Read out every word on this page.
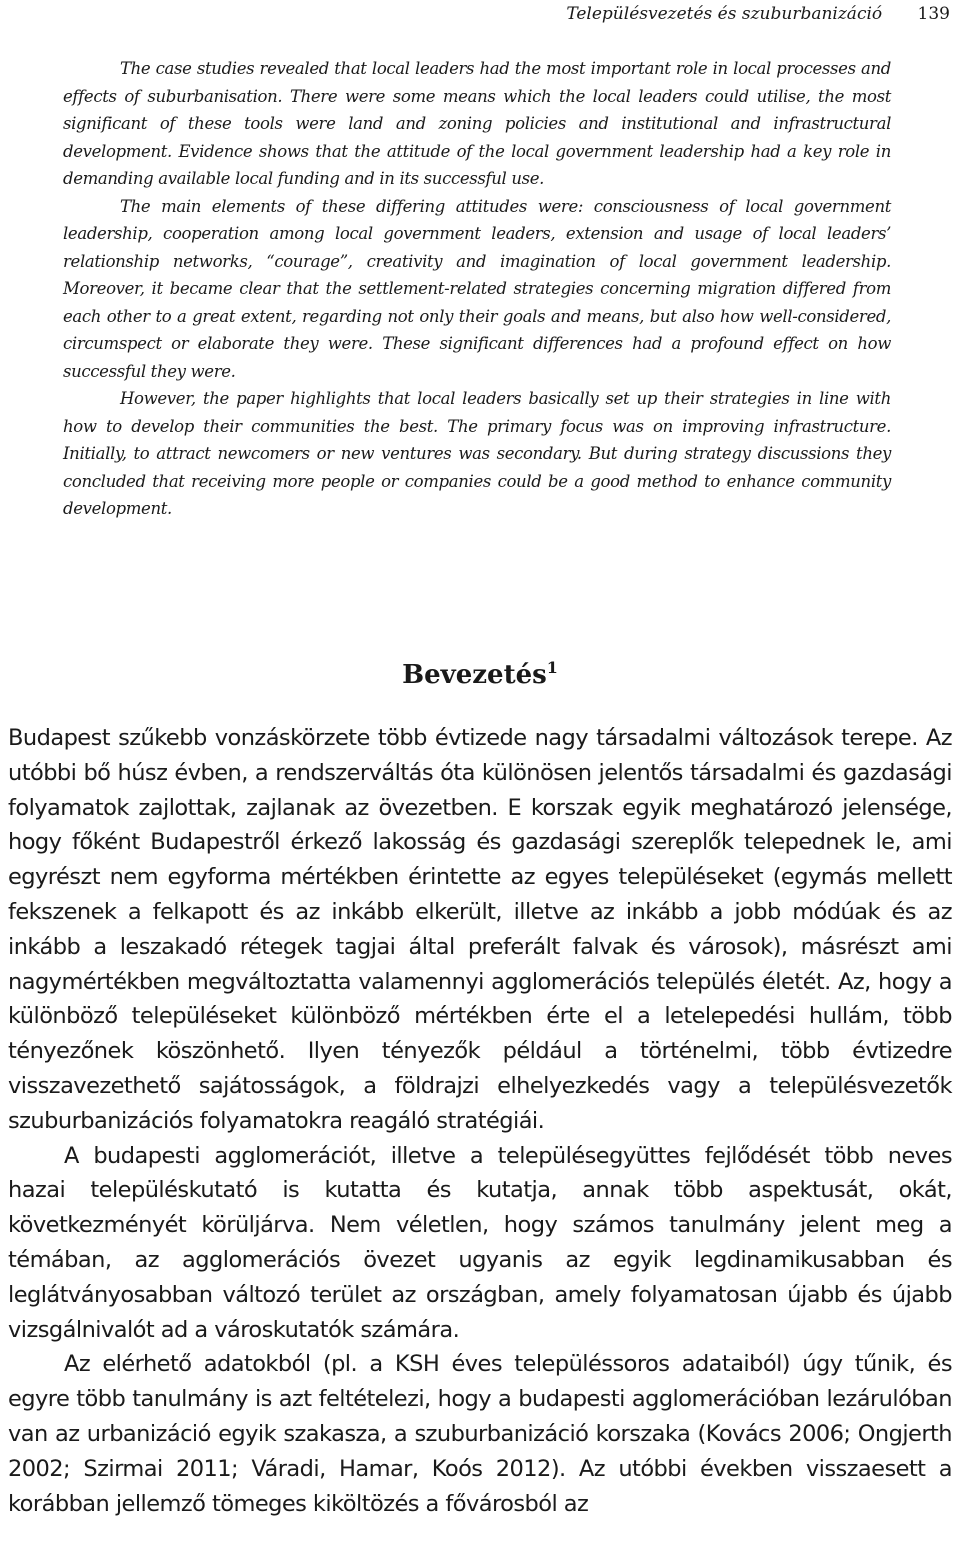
Településvezetés és szuburbanizáció 139

The case studies revealed that local leaders had the most important role in local processes and effects of suburbanisation. There were some means which the local leaders could utilise, the most significant of these tools were land and zoning policies and institutional and infrastructural development. Evidence shows that the attitude of the local government leadership had a key role in demanding available local funding and in its successful use.

The main elements of these differing attitudes were: consciousness of local government leadership, cooperation among local government leaders, extension and usage of local leaders’ relationship networks, “courage”, creativity and imagination of local government leadership. Moreover, it became clear that the settlement-related strategies concerning migration differed from each other to a great extent, regarding not only their goals and means, but also how well-considered, circumspect or elaborate they were. These significant differences had a profound effect on how successful they were.

However, the paper highlights that local leaders basically set up their strategies in line with how to develop their communities the best. The primary focus was on improving infrastructure. Initially, to attract newcomers or new ventures was secondary. But during strategy discussions they concluded that receiving more people or companies could be a good method to enhance community development.

Bevezetés$^1$

Budapest szűkebb vonzáskörzete több évtizede nagy társadalmi változások terepe. Az utóbbi bő húsz évben, a rendszerváltás óta különösen jelentős társadalmi és gazdasági folyamatok zajlottak, zajlanak az övezetben. E korszak egyik meghatározó jelensége, hogy főként Budapestről érkező lakosság és gazdasági szereplők telepednek le, ami egyrészt nem egyforma mértékben érintette az egyes településeket (egymás mellett fekszenek a felkapott és az inkább elkerült, illetve az inkább a jobb módúak és az inkább a leszakadó rétegek tagjai által preferált falvak és városok), másrészt ami nagymértékben megváltoztatta valamennyi agglomerációs település életét. Az, hogy a különböző településeket különböző mértékben érte el a letelepedési hullám, több tényezőnek köszönhető. Ilyen tényezők például a történelmi, több évtizedre visszavezethető sajátosságok, a földrajzi elhelyezkedés vagy a településvezetők szuburbanizációs folyamatokra reagáló stratégiái.

A budapesti agglomerációt, illetve a településegyüttes fejlődését több neves hazai településkutató is kutatta és kutatja, annak több aspektusát, okát, következményét körüljárva. Nem véletlen, hogy számos tanulmány jelent meg a témában, az agglomerációs övezet ugyanis az egyik legdinamikusabban és leglátványosabban változó terület az országban, amely folyamatosan újabb és újabb vizsgálnivalót ad a városkutatók számára.

Az elérhető adatokból (pl. a KSH éves településsoros adataiból) úgy tűnik, és egyre több tanulmány is azt feltételezi, hogy a budapesti agglomerációban lezárulóban van az urbanizáció egyik szakasza, a szuburbanizáció korszaka (Kovács 2006; Ongjerth 2002; Szirmai 2011; Váradi, Hamar, Koós 2012). Az utóbbi években visszaesett a korábban jellemző tömeges kiköltözés a fővárosból az
